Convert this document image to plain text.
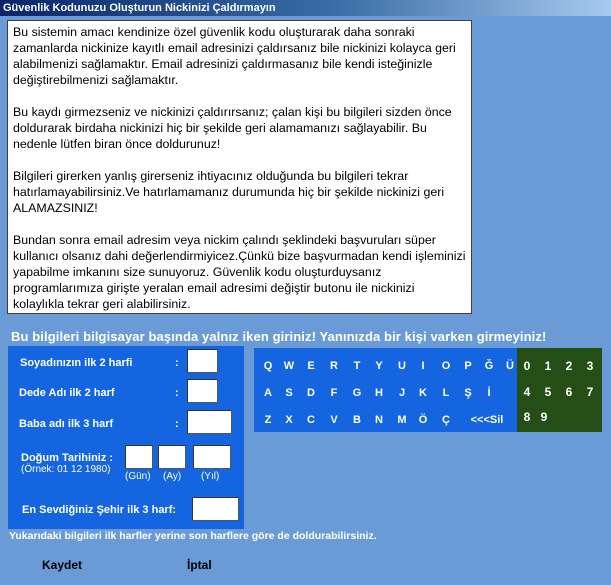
Güvenlik Kodunuzu Oluşturun Nickinizi Çaldırmayın

Bu sistemin amacı kendinize özel güvenlik kodu oluşturarak daha sonraki zamanlarda nickinize kayıtlı email adresinizi çaldırsanız bile nickinizi kolayca geri alabilmenizi sağlamaktır. Email adresinizi çaldırmasanız bile kendi isteğinizle değiştirebilmenizi sağlamaktır.

Bu kaydı girmezseniz ve nickinizi çaldırırsanız; çalan kişi bu bilgileri sizden önce doldurarak birdaha nickinizi hiç bir şekilde geri alamamanızı sağlayabilir. Bu nedenle lütfen biran önce doldurunuz!

Bilgileri girerken yanlış girerseniz ihtiyacınız olduğunda bu bilgileri tekrar hatırlamayabilirsiniz.Ve hatırlamamanız durumunda hiç bir şekilde nickinizi geri ALAMAZSINIZ!

Bundan sonra email adresim veya nickim çalındı şeklindeki başvuruları süper kullanıcı olsanız dahi değerlendirmiyicez.Çünkü bize başvurmadan kendi işleminizi yapabilme imkanını size sunuyoruz. Güvenlik kodu oluşturduysanız programlarımıza girişte yeralan email adresimi değiştir butonu ile nickinizi kolaylıkla tekrar geri alabilirsiniz.

Bu bilgileri bilgisayar başında yalnız iken giriniz! Yanınızda bir kişi varken girmeyiniz!
Soyadınızın ilk 2 harfi	:
Dede Adı ilk 2 harf	:
Baba adı ilk 3 harf	:
Doğum Tarihiniz :
(Örnek: 01 12 1980)
(Gün) (Ay) (Yıl)
En Sevdiğiniz Şehir ilk 3 harf:
Q	W	E	R	T	Y	U	I	O	P	Ğ	Ü
A	S	D	F	G	H	J	K	L	Ş	İ
Z	X	C	V	B	N	M	Ö	Ç	<<<Sil
0	1	2	3
4	5	6	7
8 9
Yukarıdaki bilgileri ilk harfler yerine son harflere göre de doldurabilirsiniz.
Kaydet	İptal
